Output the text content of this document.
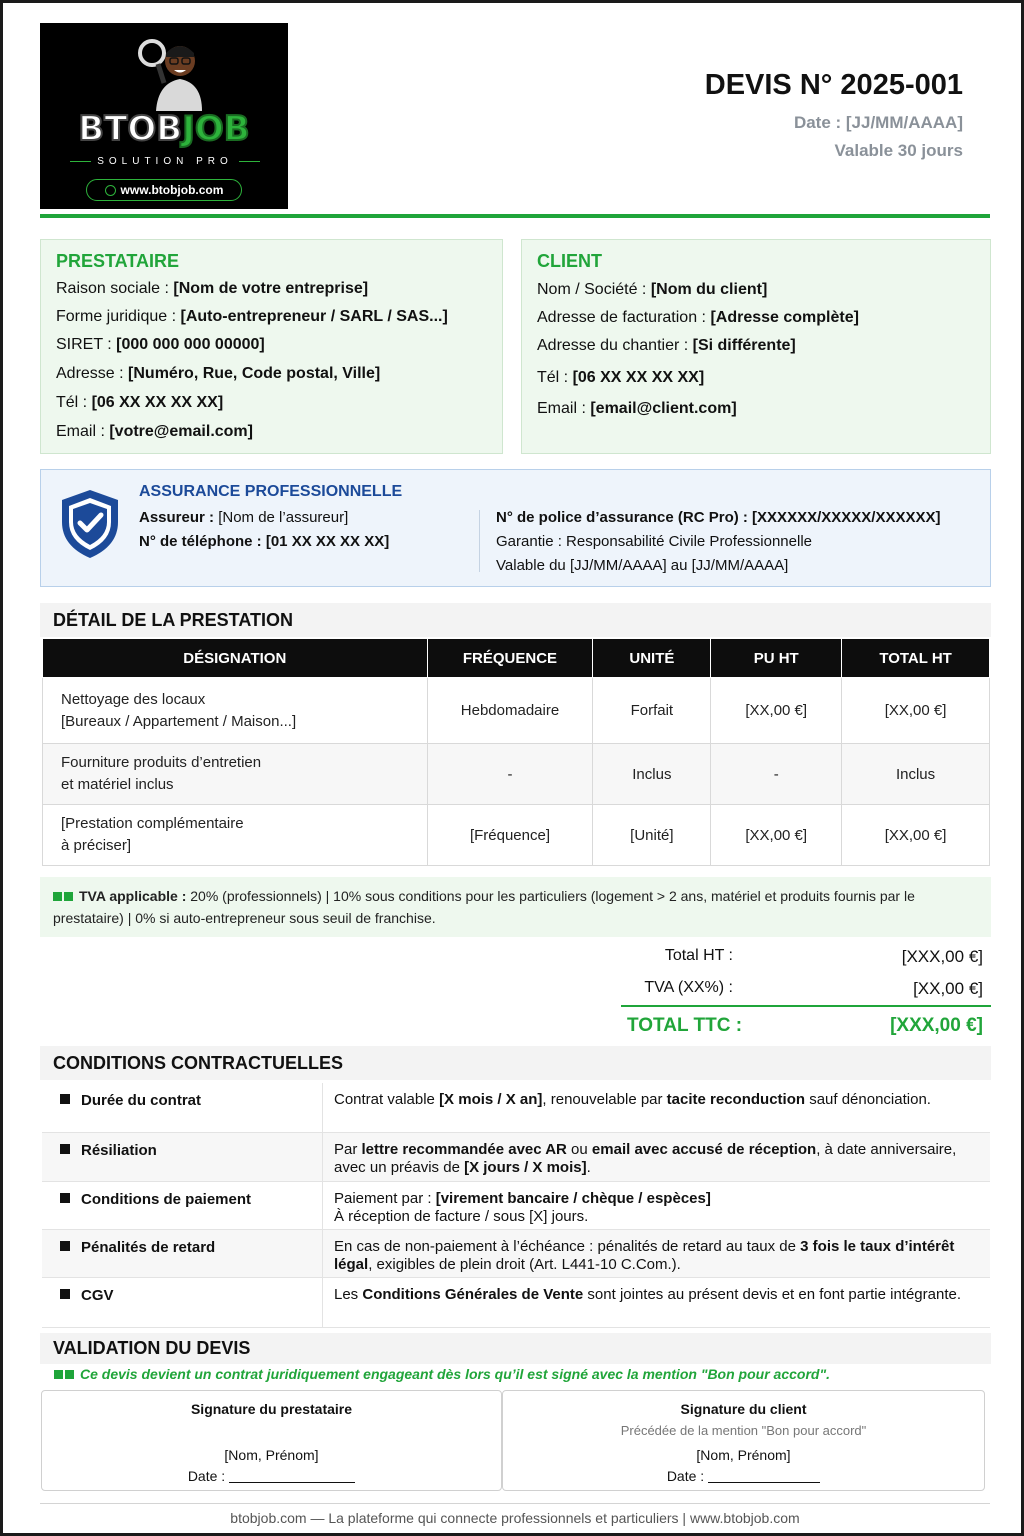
BTOBJOB
SOLUTION PRO
www.btobjob.com
DEVIS N° 2025-001
Date : [JJ/MM/AAAA]
Valable 30 jours
PRESTATAIRE
Raison sociale : [Nom de votre entreprise]
Forme juridique : [Auto-entrepreneur / SARL / SAS...]
SIRET : [000 000 000 00000]
Adresse : [Numéro, Rue, Code postal, Ville]
Tél : [06 XX XX XX XX]
Email : [votre@email.com]
CLIENT
Nom / Société : [Nom du client]
Adresse de facturation : [Adresse complète]
Adresse du chantier : [Si différente]
Tél : [06 XX XX XX XX]
Email : [email@client.com]
ASSURANCE PROFESSIONNELLE
Assureur : [Nom de l’assureur]
N° de téléphone : [01 XX XX XX XX]
N° de police d’assurance (RC Pro) : [XXXXXX/XXXXX/XXXXXX]
Garantie : Responsabilité Civile Professionnelle
Valable du [JJ/MM/AAAA] au [JJ/MM/AAAA]
DÉTAIL DE LA PRESTATION
DÉSIGNATION	FRÉQUENCE	UNITÉ	PU HT	TOTAL HT
Nettoyage des locaux
[Bureaux / Appartement / Maison...]	Hebdomadaire	Forfait	[XX,00 €]	[XX,00 €]
Fourniture produits d’entretien
et matériel inclus	-	Inclus	-	Inclus
[Prestation complémentaire
à préciser]	[Fréquence]	[Unité]	[XX,00 €]	[XX,00 €]
TVA applicable : 20% (professionnels) | 10% sous conditions pour les particuliers (logement > 2 ans, matériel et produits fournis par le prestataire) | 0% si auto-entrepreneur sous seuil de franchise.
Total HT :	[XXX,00 €]
TVA (XX%) :	[XX,00 €]
TOTAL TTC :	[XXX,00 €]
CONDITIONS CONTRACTUELLES
Durée du contrat	Contrat valable [X mois / X an], renouvelable par tacite reconduction sauf dénonciation.
Résiliation	Par lettre recommandée avec AR ou email avec accusé de réception, à date anniversaire, avec un préavis de [X jours / X mois].
Conditions de paiement	Paiement par : [virement bancaire / chèque / espèces]
À réception de facture / sous [X] jours.
Pénalités de retard	En cas de non-paiement à l’échéance : pénalités de retard au taux de 3 fois le taux d’intérêt légal, exigibles de plein droit (Art. L441-10 C.Com.).
CGV	Les Conditions Générales de Vente sont jointes au présent devis et en font partie intégrante.
VALIDATION DU DEVIS
Ce devis devient un contrat juridiquement engageant dès lors qu’il est signé avec la mention "Bon pour accord".
Signature du prestataire
[Nom, Prénom]
Date :
Signature du client
Précédée de la mention "Bon pour accord"
[Nom, Prénom]
Date :
btobjob.com — La plateforme qui connecte professionnels et particuliers | www.btobjob.com
